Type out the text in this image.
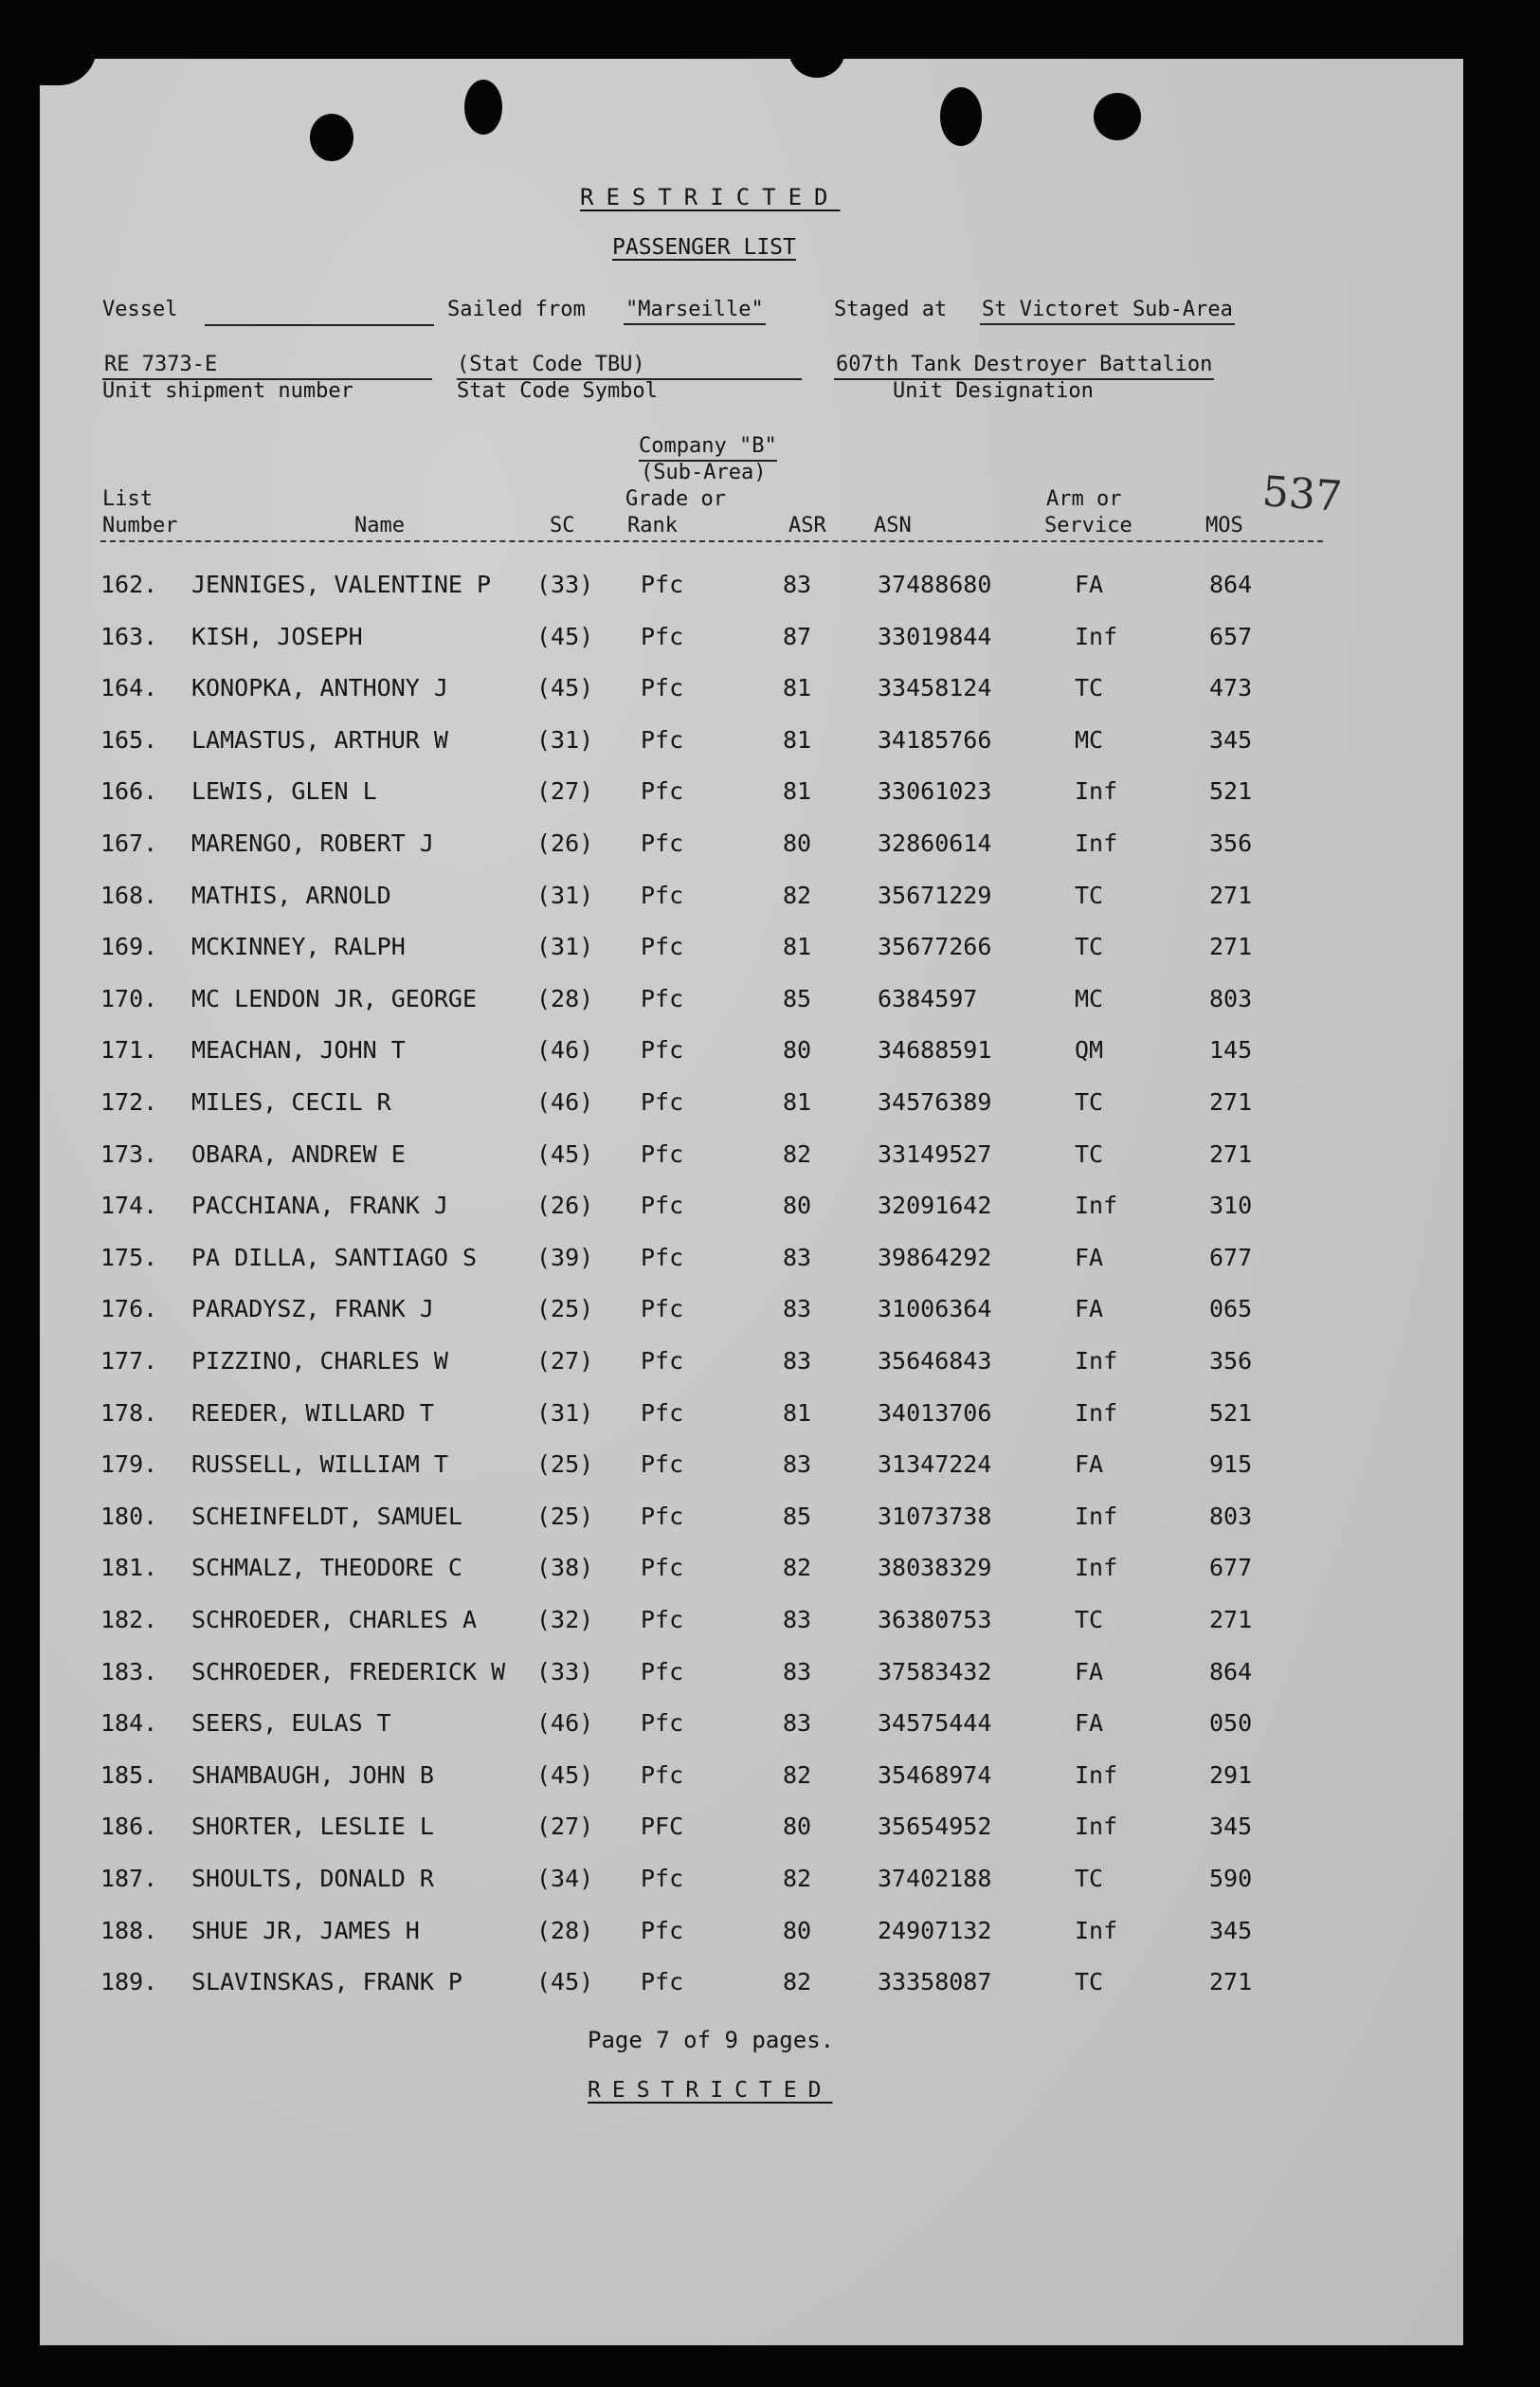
RESTRICTED
PASSENGER LIST
Vessel	Sailed from "Marseille"	Staged at St Victoret Sub-Area
RE 7373-E
Unit shipment number
(Stat Code TBU)
Stat Code Symbol
607th Tank Destroyer Battalion
Unit Designation
Company "B"
(Sub-Area)	537
List
Number	Name	SC
Grade or
Rank	ASR ASN
Arm or
Service	MOS
162. JENNIGES, VALENTINE P (33) Pfc	83	37488680	FA	864
163. KISH, JOSEPH	(45) Pfc	87	33019844	Inf	657
164. KONOPKA, ANTHONY J	(45) Pfc	81	33458124	TC	473
165. LAMASTUS, ARTHUR W	(31) Pfc	81	34185766	MC	345
166. LEWIS, GLEN L	(27) Pfc	81	33061023	Inf	521
167. MARENGO, ROBERT J	(26) Pfc	80	32860614	Inf	356
168. MATHIS, ARNOLD	(31) Pfc	82	35671229	TC	271
169. MCKINNEY, RALPH	(31) Pfc	81	35677266	TC	271
170. MC LENDON JR, GEORGE	(28) Pfc	85	6384597	MC	803
171. MEACHAN, JOHN T	(46) Pfc	80	34688591	QM	145
172. MILES, CECIL R	(46) Pfc	81	34576389	TC	271
173. OBARA, ANDREW E	(45) Pfc	82	33149527	TC	271
174. PACCHIANA, FRANK J	(26) Pfc	80	32091642	Inf	310
175. PA DILLA, SANTIAGO S	(39) Pfc	83	39864292	FA	677
176. PARADYSZ, FRANK J	(25) Pfc	83	31006364	FA	065
177. PIZZINO, CHARLES W	(27) Pfc	83	35646843	Inf	356
178. REEDER, WILLARD T	(31) Pfc	81	34013706	Inf	521
179. RUSSELL, WILLIAM T	(25) Pfc	83	31347224	FA	915
180. SCHEINFELDT, SAMUEL	(25) Pfc	85	31073738	Inf	803
181. SCHMALZ, THEODORE C	(38) Pfc	82	38038329	Inf	677
182. SCHROEDER, CHARLES A	(32) Pfc	83	36380753	TC	271
183. SCHROEDER, FREDERICK W (33) Pfc	83	37583432	FA	864
184. SEERS, EULAS T	(46) Pfc	83	34575444	FA	050
185. SHAMBAUGH, JOHN B	(45) Pfc	82	35468974	Inf	291
186. SHORTER, LESLIE L	(27) PFC	80	35654952	Inf	345
187. SHOULTS, DONALD R	(34) Pfc	82	37402188	TC	590
188. SHUE JR, JAMES H	(28) Pfc	80	24907132	Inf	345
189. SLAVINSKAS, FRANK P	(45) Pfc	82	33358087	TC	271
Page 7 of 9 pages.
RESTRICTED
